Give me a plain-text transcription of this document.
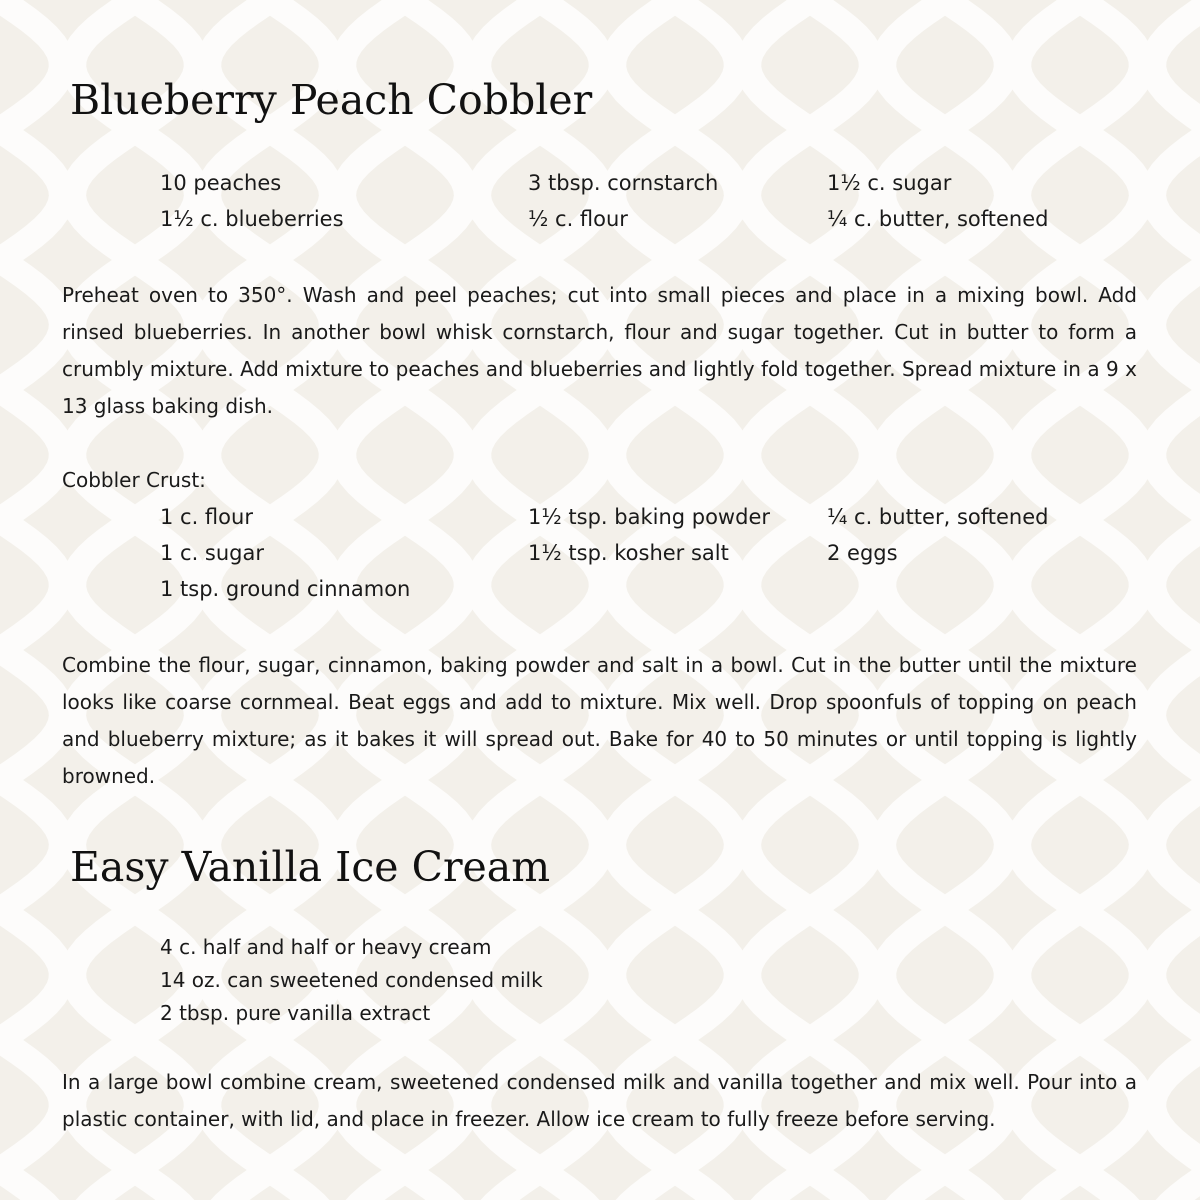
Blueberry Peach Cobbler
10 peaches	3 tbsp. cornstarch	1½ c. sugar
1½ c. blueberries	½ c. flour	¼ c. butter, softened

Preheat oven to 350°. Wash and peel peaches; cut into small pieces and place in a mixing bowl. Add rinsed blueberries. In another bowl whisk cornstarch, flour and sugar together. Cut in butter to form a crumbly mixture. Add mixture to peaches and blueberries and lightly fold together. Spread mixture in a 9 x 13 glass baking dish.

Cobbler Crust:

1 c. flour	1½ tsp. baking powder	¼ c. butter, softened
1 c. sugar	1½ tsp. kosher salt	2 eggs
1 tsp. ground cinnamon

Combine the flour, sugar, cinnamon, baking powder and salt in a bowl. Cut in the butter until the mixture looks like coarse cornmeal. Beat eggs and add to mixture. Mix well. Drop spoonfuls of topping on peach and blueberry mixture; as it bakes it will spread out. Bake for 40 to 50 minutes or until topping is lightly browned.

Easy Vanilla Ice Cream
4 c. half and half or heavy cream
14 oz. can sweetened condensed milk
2 tbsp. pure vanilla extract

In a large bowl combine cream, sweetened condensed milk and vanilla together and mix well. Pour into a plastic container, with lid, and place in freezer. Allow ice cream to fully freeze before serving.
